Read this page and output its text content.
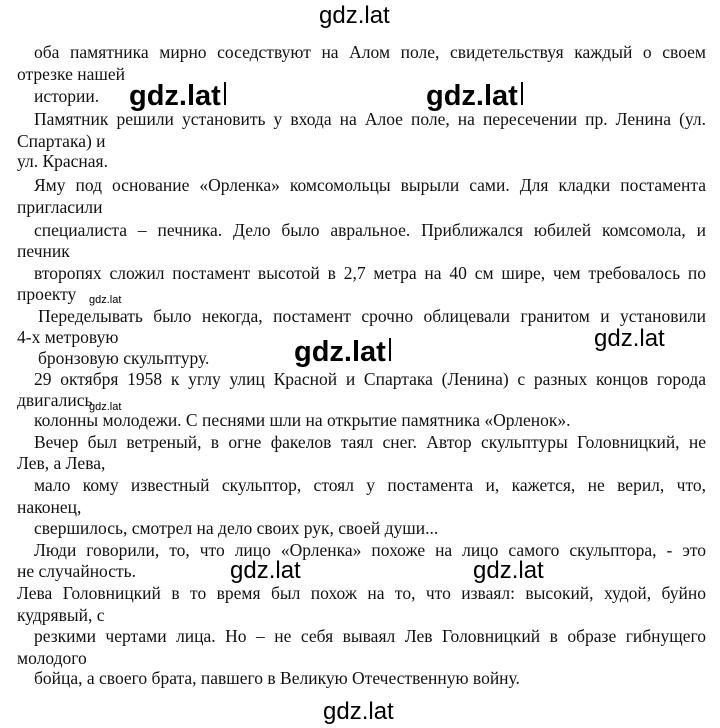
оба памятника мирно соседствуют на Алом поле, свидетельствуя каждый о своем
отрезке нашей
истории.
Памятник решили установить у входа на Алое поле, на пересечении пр. Ленина (ул.
Спартака) и
ул. Красная.
Яму под основание «Орленка» комсомольцы вырыли сами. Для кладки постамента
пригласили
специалиста – печника. Дело было авральное. Приближался юбилей комсомола, и
печник
второпях сложил постамент высотой в 2,7 метра на 40 см шире, чем требовалось по
проекту
Переделывать было некогда, постамент срочно облицевали гранитом и установили
4-х метровую
бронзовую скульптуру.
29 октября 1958 к углу улиц Красной и Спартака (Ленина) с разных концов города
двигались
колонны молодежи. С песнями шли на открытие памятника «Орленок».
Вечер был ветреный, в огне факелов таял снег. Автор скульптуры Головницкий, не
Лев, а Лева,
мало кому известный скульптор, стоял у постамента и, кажется, не верил, что,
наконец,
свершилось, смотрел на дело своих рук, своей души...
Люди говорили, то, что лицо «Орленка» похоже на лицо самого скульптора, - это
не случайность.
Лева Головницкий в то время был похож на то, что изваял: высокий, худой, буйно
кудрявый, с
резкими чертами лица. Но – не себя вываял Лев Головницкий в образе гибнущего
молодого
бойца, а своего брата, павшего в Великую Отечественную войну.
gdz.lat
gdz.lat	gdz.lat
gdz.lat
gdz.lat	gdz.lat
gdz.lat
gdz.lat	gdz.lat
gdz.lat
